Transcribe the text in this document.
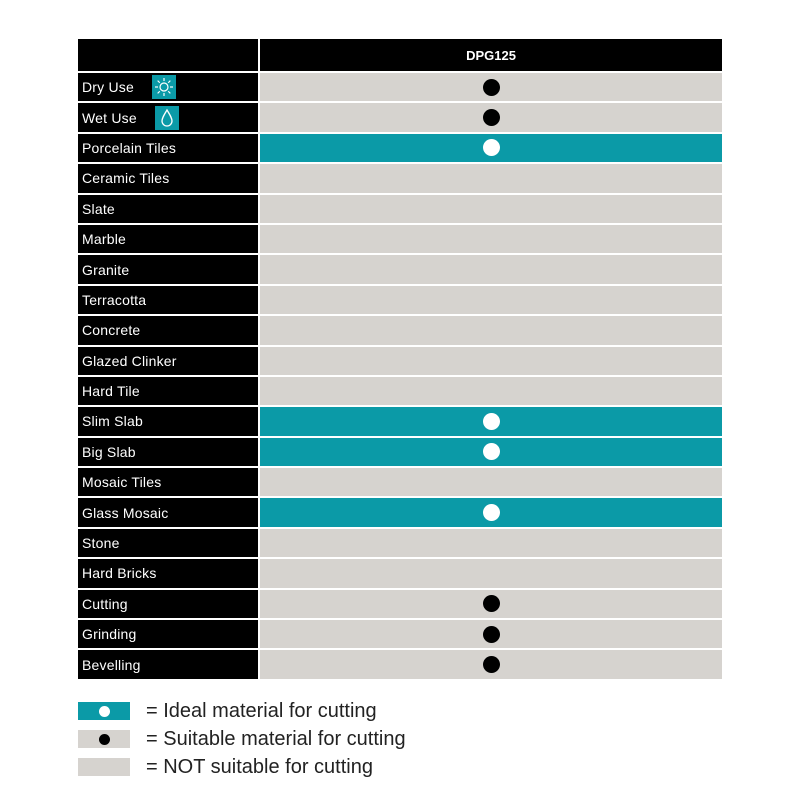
DPG125
Dry Use
Wet Use
Porcelain Tiles
Ceramic Tiles
Slate
Marble
Granite
Terracotta
Concrete
Glazed Clinker
Hard Tile
Slim Slab
Big Slab
Mosaic Tiles
Glass Mosaic
Stone
Hard Bricks
Cutting
Grinding
Bevelling
= Ideal material for cutting
= Suitable material for cutting
= NOT suitable for cutting
